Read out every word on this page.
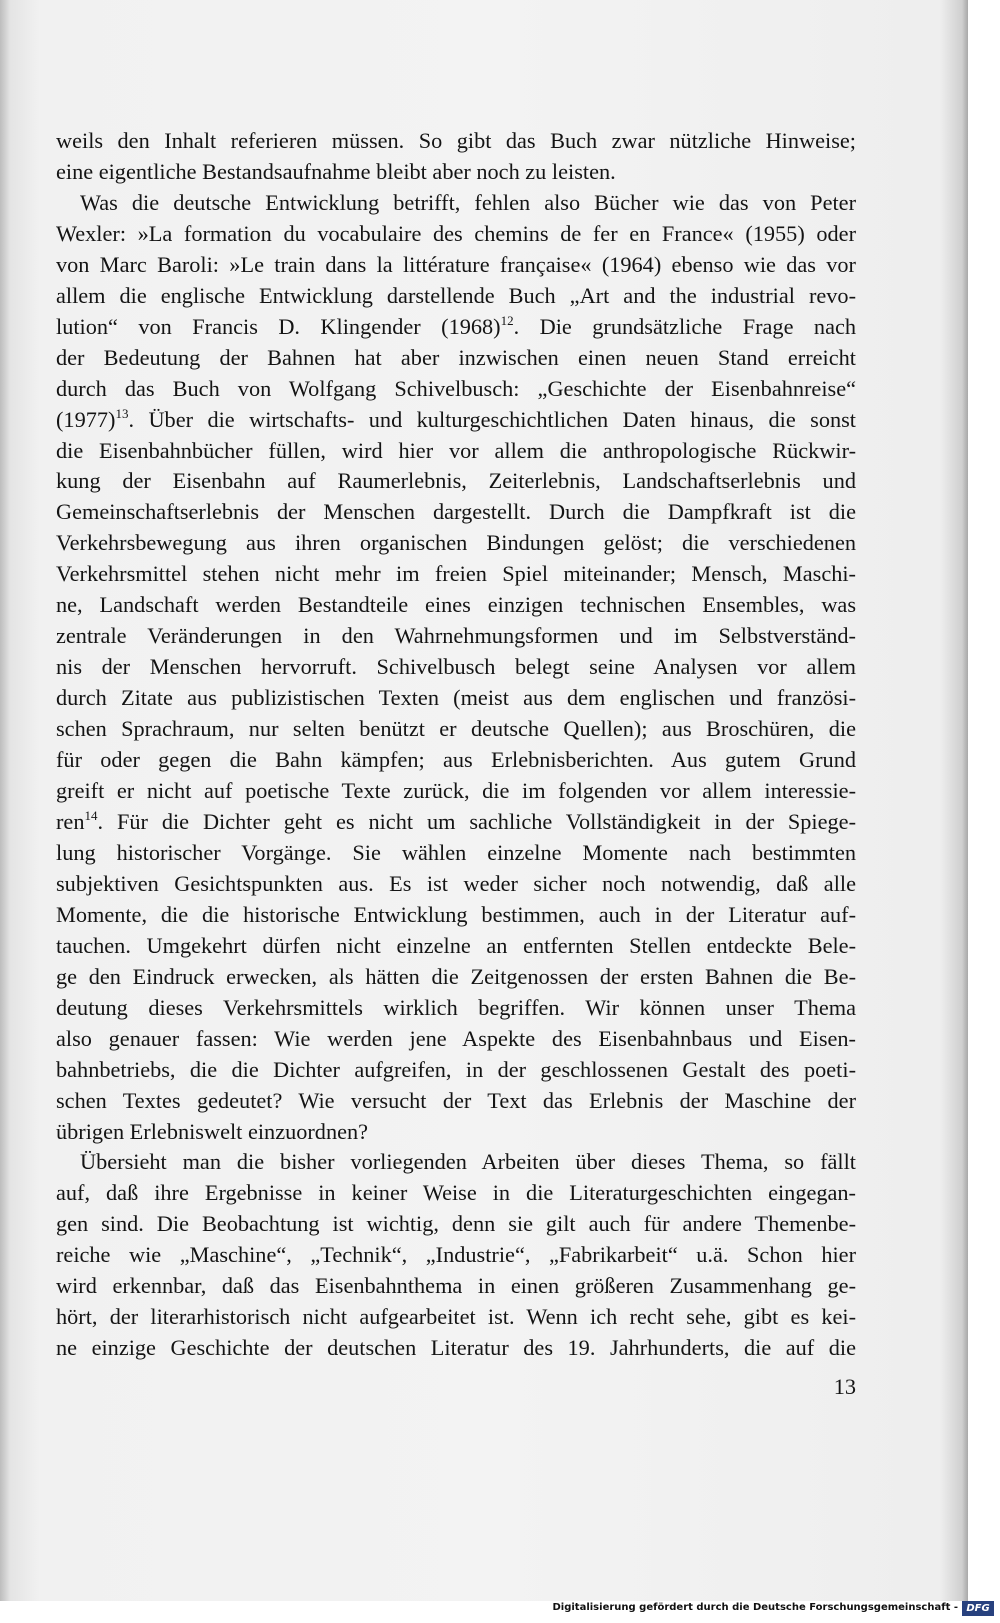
weils den Inhalt referieren müssen. So gibt das Buch zwar nützliche Hinweise;
eine eigentliche Bestandsaufnahme bleibt aber noch zu leisten.
Was die deutsche Entwicklung betrifft, fehlen also Bücher wie das von Peter
Wexler: »La formation du vocabulaire des chemins de fer en France« (1955) oder
von Marc Baroli: »Le train dans la littérature française« (1964) ebenso wie das vor
allem die englische Entwicklung darstellende Buch „Art and the industrial revo-
lution“ von Francis D. Klingender $(1968)^{12}$. Die grundsätzliche Frage nach
der Bedeutung der Bahnen hat aber inzwischen einen neuen Stand erreicht
durch das Buch von Wolfgang Schivelbusch: „Geschichte der Eisenbahnreise“
$(1977)^{13}$. Über die wirtschafts- und kulturgeschichtlichen Daten hinaus, die sonst
die Eisenbahnbücher füllen, wird hier vor allem die anthropologische Rückwir-
kung der Eisenbahn auf Raumerlebnis, Zeiterlebnis, Landschaftserlebnis und
Gemeinschaftserlebnis der Menschen dargestellt. Durch die Dampfkraft ist die
Verkehrsbewegung aus ihren organischen Bindungen gelöst; die verschiedenen
Verkehrsmittel stehen nicht mehr im freien Spiel miteinander; Mensch, Maschi-
ne, Landschaft werden Bestandteile eines einzigen technischen Ensembles, was
zentrale Veränderungen in den Wahrnehmungsformen und im Selbstverständ-
nis der Menschen hervorruft. Schivelbusch belegt seine Analysen vor allem
durch Zitate aus publizistischen Texten (meist aus dem englischen und französi-
schen Sprachraum, nur selten benützt er deutsche Quellen); aus Broschüren, die
für oder gegen die Bahn kämpfen; aus Erlebnisberichten. Aus gutem Grund
greift er nicht auf poetische Texte zurück, die im folgenden vor allem interessie-
ren$^{14}$. Für die Dichter geht es nicht um sachliche Vollständigkeit in der Spiege-
lung historischer Vorgänge. Sie wählen einzelne Momente nach bestimmten
subjektiven Gesichtspunkten aus. Es ist weder sicher noch notwendig, daß alle
Momente, die die historische Entwicklung bestimmen, auch in der Literatur auf-
tauchen. Umgekehrt dürfen nicht einzelne an entfernten Stellen entdeckte Bele-
ge den Eindruck erwecken, als hätten die Zeitgenossen der ersten Bahnen die Be-
deutung dieses Verkehrsmittels wirklich begriffen. Wir können unser Thema
also genauer fassen: Wie werden jene Aspekte des Eisenbahnbaus und Eisen-
bahnbetriebs, die die Dichter aufgreifen, in der geschlossenen Gestalt des poeti-
schen Textes gedeutet? Wie versucht der Text das Erlebnis der Maschine der
übrigen Erlebniswelt einzuordnen?
Übersieht man die bisher vorliegenden Arbeiten über dieses Thema, so fällt
auf, daß ihre Ergebnisse in keiner Weise in die Literaturgeschichten eingegan-
gen sind. Die Beobachtung ist wichtig, denn sie gilt auch für andere Themenbe-
reiche wie „Maschine“, „Technik“, „Industrie“, „Fabrikarbeit“ u.ä. Schon hier
wird erkennbar, daß das Eisenbahnthema in einen größeren Zusammenhang ge-
hört, der literarhistorisch nicht aufgearbeitet ist. Wenn ich recht sehe, gibt es kei-
ne einzige Geschichte der deutschen Literatur des 19. Jahrhunderts, die auf die
13
Digitalisierung gefördert durch die Deutsche Forschungsgemeinschaft - DFG
